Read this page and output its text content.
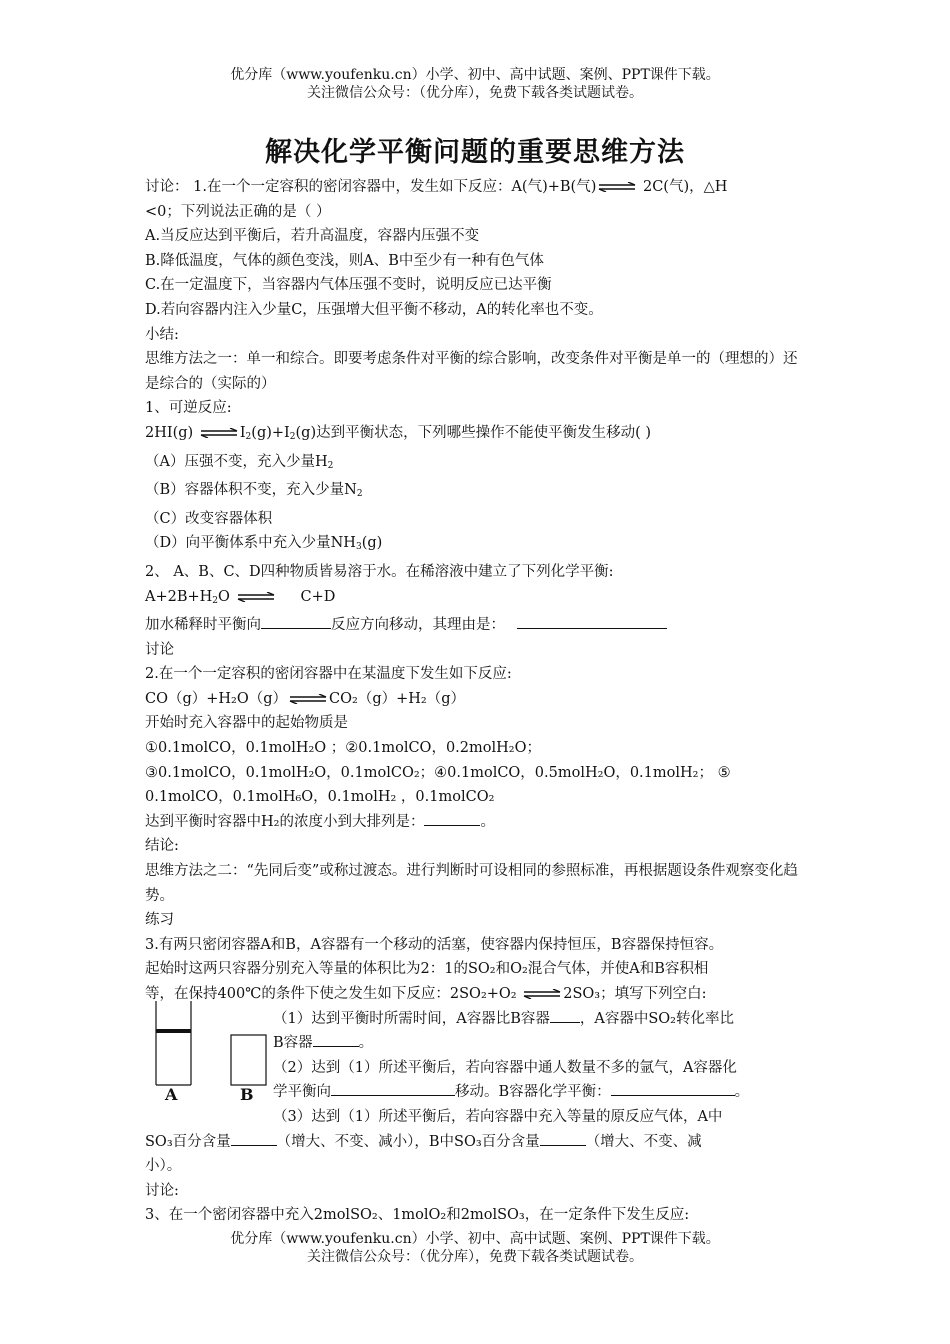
优分库（www.youfenku.cn）小学、初中、高中试题、案例、PPT课件下载。
关注微信公众号：（优分库），免费下载各类试题试卷。
解决化学平衡问题的重要思维方法

讨论： 1.在一个一定容积的密闭容器中，发生如下反应：A(气)+B(气) ⇌ 2C(气)，△H

<0；下列说法正确的是（ ）

A.当反应达到平衡后，若升高温度，容器内压强不变

B.降低温度，气体的颜色变浅，则A、B中至少有一种有色气体

C.在一定温度下，当容器内气体压强不变时，说明反应已达平衡

D.若向容器内注入少量C，压强增大但平衡不移动，A的转化率也不变。

小结:

思维方法之一：单一和综合。即要考虑条件对平衡的综合影响，改变条件对平衡是单一的（理想的）还是综合的（实际的）

1、可逆反应:

2HI(g) ⇌ $I_2(g)+I_2(g)$达到平衡状态，下列哪些操作不能使平衡发生移动( )

（A）压强不变，充入少量$H_2$

（B）容器体积不变，充入少量$N_2$

（C）改变容器体积

（D）向平衡体系中充入少量$NH_3(g)$

2、 A、B、C、D四种物质皆易溶于水。在稀溶液中建立了下列化学平衡:

$A+2B+H_2O$ ⇌ C+D

加水稀释时平衡向	反应方向移动，其理由是：

讨论

2.在一个一定容积的密闭容器中在某温度下发生如下反应:

CO（g）+H₂O（g） ⇌ CO₂（g）+H₂（g）

开始时充入容器中的起始物质是

①0.1molCO，0.1molH₂O ；②0.1molCO，0.2molH₂O；

③0.1molCO，0.1molH₂O，0.1molCO₂；④0.1molCO，0.5molH₂O，0.1molH₂； ⑤

0.1molCO，0.1molH₆O，0.1molH₂ ，0.1molCO₂

达到平衡时容器中H₂的浓度小到大排列是：	。

结论:

思维方法之二：“先同后变”或称过渡态。进行判断时可设相同的参照标准，再根据题设条件观察变化趋势。

练习

3.有两只密闭容器A和B，A容器有一个移动的活塞，使容器内保持恒压，B容器保持恒容。

起始时这两只容器分别充入等量的体积比为2：1的SO₂和O₂混合气体，并使A和B容积相

等，在保持400℃的条件下使之发生如下反应：2SO₂+O₂ ⇌ 2SO₃；填写下列空白:

（1）达到平衡时所需时间，A容器比B容器 ，A容器中SO₂转化率比

B容器	。

（2）达到（1）所述平衡后，若向容器中通人数量不多的氩气，A容器化

学平衡向	移动。B容器化学平衡：	。

（3）达到（1）所述平衡后，若向容器中充入等量的原反应气体，A中

SO₃百分含量	（增大、不变、减小），B中SO₃百分含量	（增大、不变、减

小）。

讨论:

3、在一个密闭容器中充入2molSO₂、1molO₂和2molSO₃，在一定条件下发生反应:

A	B
优分库（www.youfenku.cn）小学、初中、高中试题、案例、PPT课件下载。
关注微信公众号：（优分库），免费下载各类试题试卷。
